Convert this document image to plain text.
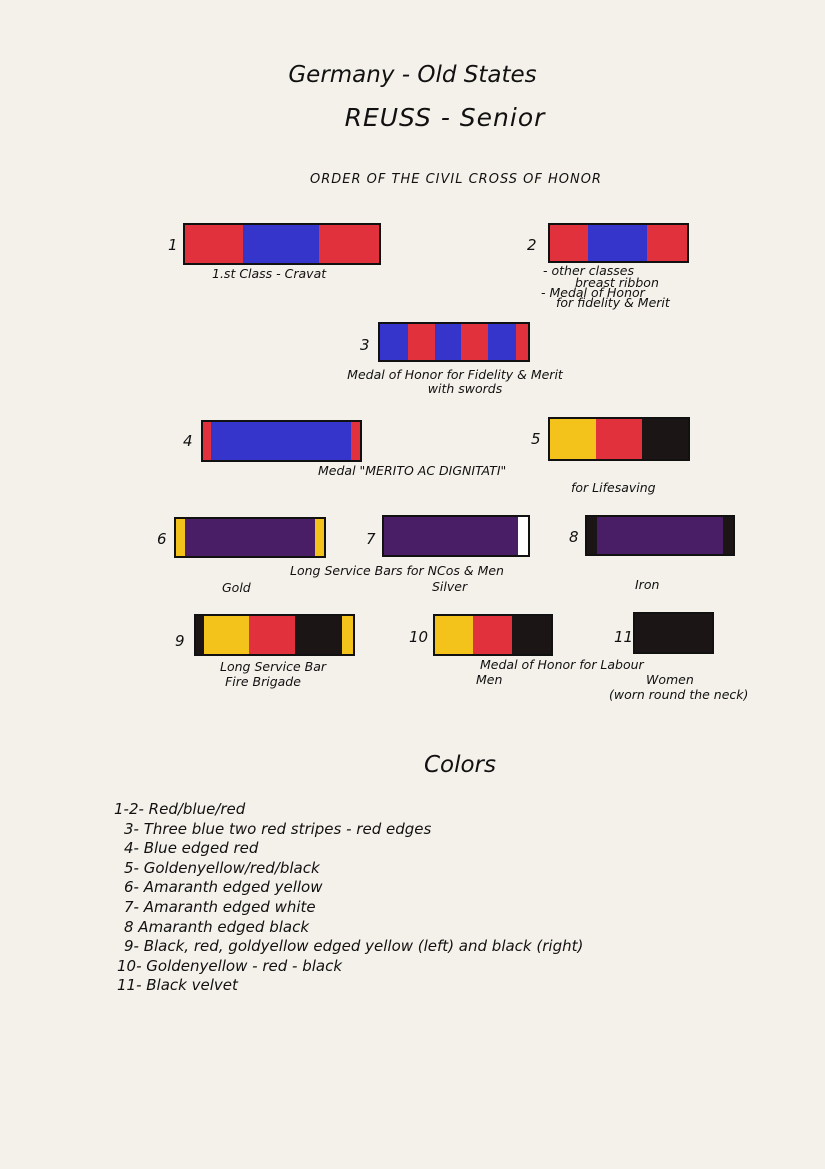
Germany - Old States
REUSS - Senior
ORDER OF THE CIVIL CROSS OF HONOR
1
1.st Class - Cravat
2
- other classes
breast ribbon
- Medal of Honor
for fidelity & Merit
3
Medal of Honor for Fidelity & Merit
with swords
4	5
Medal "MERITO AC DIGNITATI"
for Lifesaving
6	7	8
Long Service Bars for NCos & Men
Gold	Silver	Iron
9
Long Service Bar
Fire Brigade
10
Medal of Honor for Labour
Men
11
Women
(worn round the neck)
Colors
1-2- Red/blue/red
3- Three blue two red stripes - red edges
4- Blue edged red
5- Goldenyellow/red/black
6- Amaranth edged yellow
7- Amaranth edged white
8 Amaranth edged black
9- Black, red, goldyellow edged yellow (left) and black (right)
10- Goldenyellow - red - black
11- Black velvet
